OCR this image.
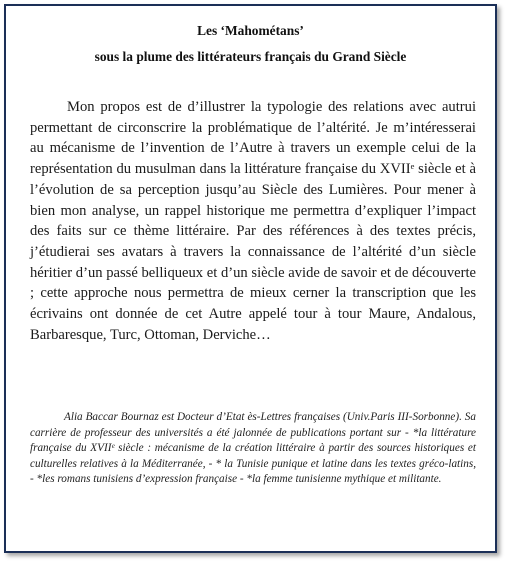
Les ‘Mahométans’
sous la plume des littérateurs français du Grand Siècle

Mon propos est de d’illustrer la typologie des relations avec autrui permettant de circonscrire la problématique de l’altérité. Je m’intéresserai au mécanisme de l’invention de l’Autre à travers un exemple celui de la représentation du musulman dans la littérature française du XVIIᵉ siècle et à l’évolution de sa perception jusqu’au Siècle des Lumières. Pour mener à bien mon analyse, un rappel historique me permettra d’expliquer l’impact des faits sur ce thème littéraire. Par des références à des textes précis, j’étudierai ses avatars à travers la connaissance de l’altérité d’un siècle héritier d’un passé belliqueux et d’un siècle avide de savoir et de découverte ; cette approche nous permettra de mieux cerner la transcription que les écrivains ont donnée de cet Autre appelé tour à tour Maure, Andalous, Barbaresque, Turc, Ottoman, Derviche…

Alia Baccar Bournaz est Docteur d’Etat ès-Lettres françaises (Univ.Paris III-Sorbonne). Sa carrière de professeur des universités a été jalonnée de publications portant sur - *la littérature française du XVIIᵉ siècle : mécanisme de la création littéraire à partir des sources historiques et culturelles relatives à la Méditerranée, - * la Tunisie punique et latine dans les textes gréco-latins, - *les romans tunisiens d’expression française - *la femme tunisienne mythique et militante.
